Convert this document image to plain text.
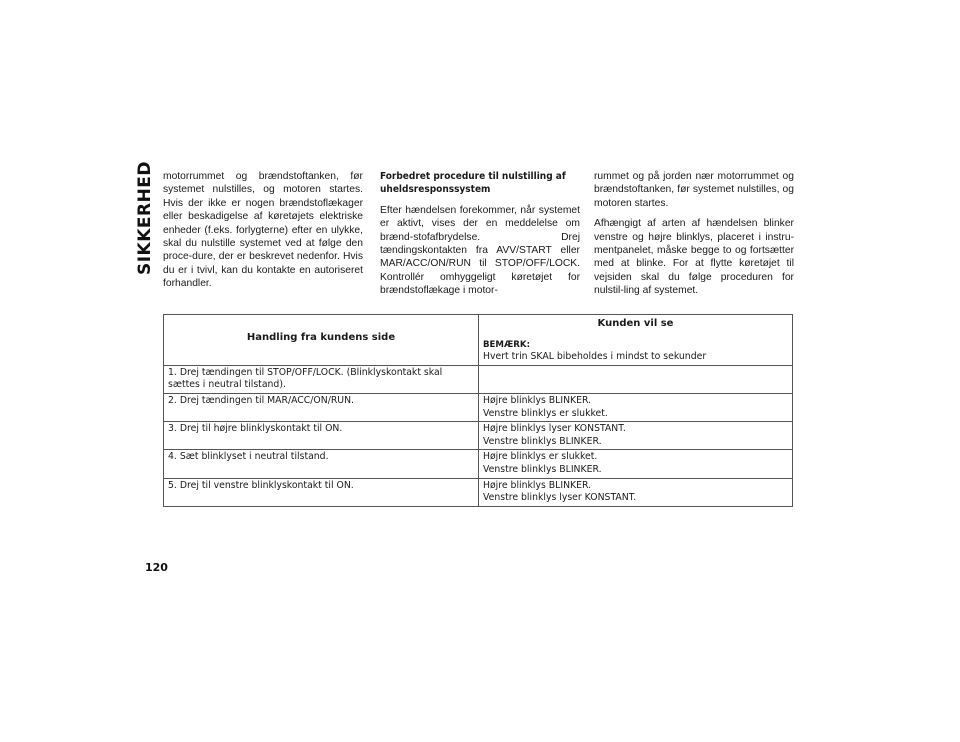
SIKKERHED motorrummet og brændstoftanken, før systemet nulstilles, og motoren startes. Hvis der ikke er nogen brændstoflækager eller beskadigelse af køretøjets elektriske enheder (f.eks. forlygterne) efter en ulykke, skal du nulstille systemet ved at følge den proce-dure, der er beskrevet nedenfor. Hvis du er i tvivl, kan du kontakte en autoriseret forhandler.

Forbedret procedure til nulstilling af uheldsresponssystem

Efter hændelsen forekommer, når systemet er aktivt, vises der en meddelelse om brænd-stofafbrydelse. Drej tændingskontakten fra AVV/START eller MAR/ACC/ON/RUN til STOP/OFF/LOCK. Kontrollér omhyggeligt køretøjet for brændstoflækage i motor-

rummet og på jorden nær motorrummet og brændstoftanken, før systemet nulstilles, og motoren startes.

Afhængigt af arten af hændelsen blinker venstre og højre blinklys, placeret i instru-mentpanelet, måske begge to og fortsætter med at blinke. For at flytte køretøjet til vejsiden skal du følge proceduren for nulstil-ling af systemet.

Handling fra kundens side	Kunden vil se
BEMÆRK:
Hvert trin SKAL bibeholdes i mindst to sekunder

1. Drej tændingen til STOP/OFF/LOCK. (Blinklyskontakt skal sættes i neutral tilstand).	
2. Drej tændingen til MAR/ACC/ON/RUN.	Højre blinklys BLINKER.
Venstre blinklys er slukket.

3. Drej til højre blinklyskontakt til ON.	Højre blinklys lyser KONSTANT.
Venstre blinklys BLINKER.

4. Sæt blinklyset i neutral tilstand.	Højre blinklys er slukket.
Venstre blinklys BLINKER.

5. Drej til venstre blinklyskontakt til ON.	Højre blinklys BLINKER.
Venstre blinklys lyser KONSTANT.
120
